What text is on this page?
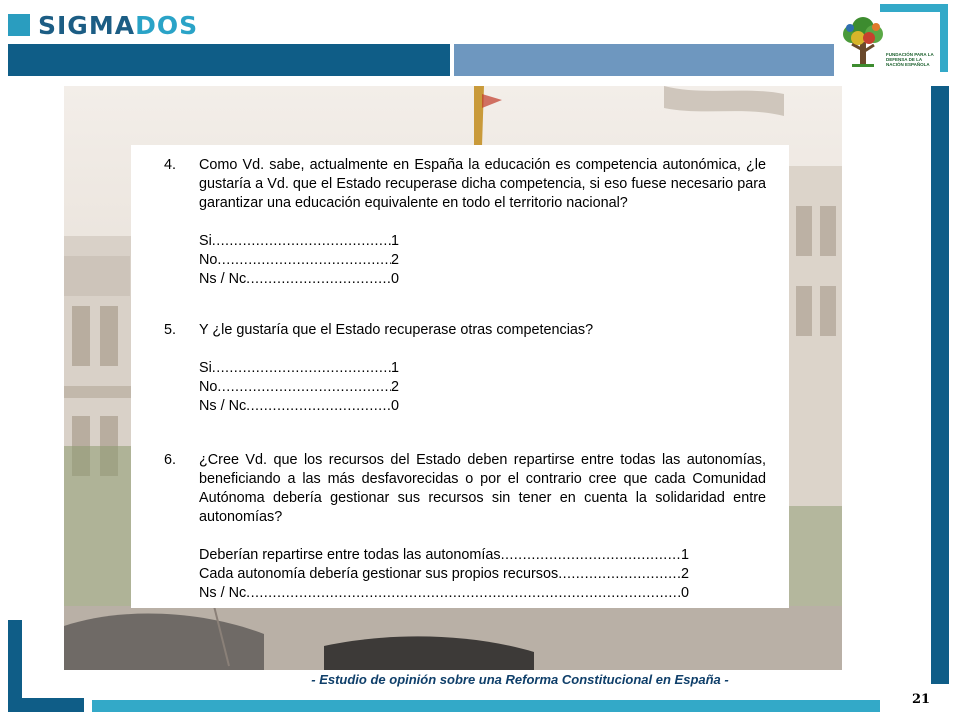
SIGMADOS
FUNDACIÓN PARA LA DEFENSA DE LA NACIÓN ESPAÑOLA
4. Como Vd. sabe, actualmente en España la educación es competencia autonómica, ¿le gustaría a Vd. que el Estado recuperase dicha competencia, si eso fuese necesario para garantizar una educación equivalente en todo el territorio nacional?
Si .....	1
No .....	2
Ns / Nc .....	0
5. Y ¿le gustaría que el Estado recuperase otras competencias?
Si .....	1
No .....	2
Ns / Nc .....	0
6. ¿Cree Vd. que los recursos del Estado deben repartirse entre todas las autonomías, beneficiando a las más desfavorecidas o por el contrario cree que cada Comunidad Autónoma debería gestionar sus recursos sin tener en cuenta la solidaridad entre autonomías?
Deberían repartirse entre todas las autonomías .....	1
Cada autonomía debería gestionar sus propios recursos .....	2
Ns / Nc .....	0
- Estudio de opinión sobre una Reforma Constitucional en España -
21
